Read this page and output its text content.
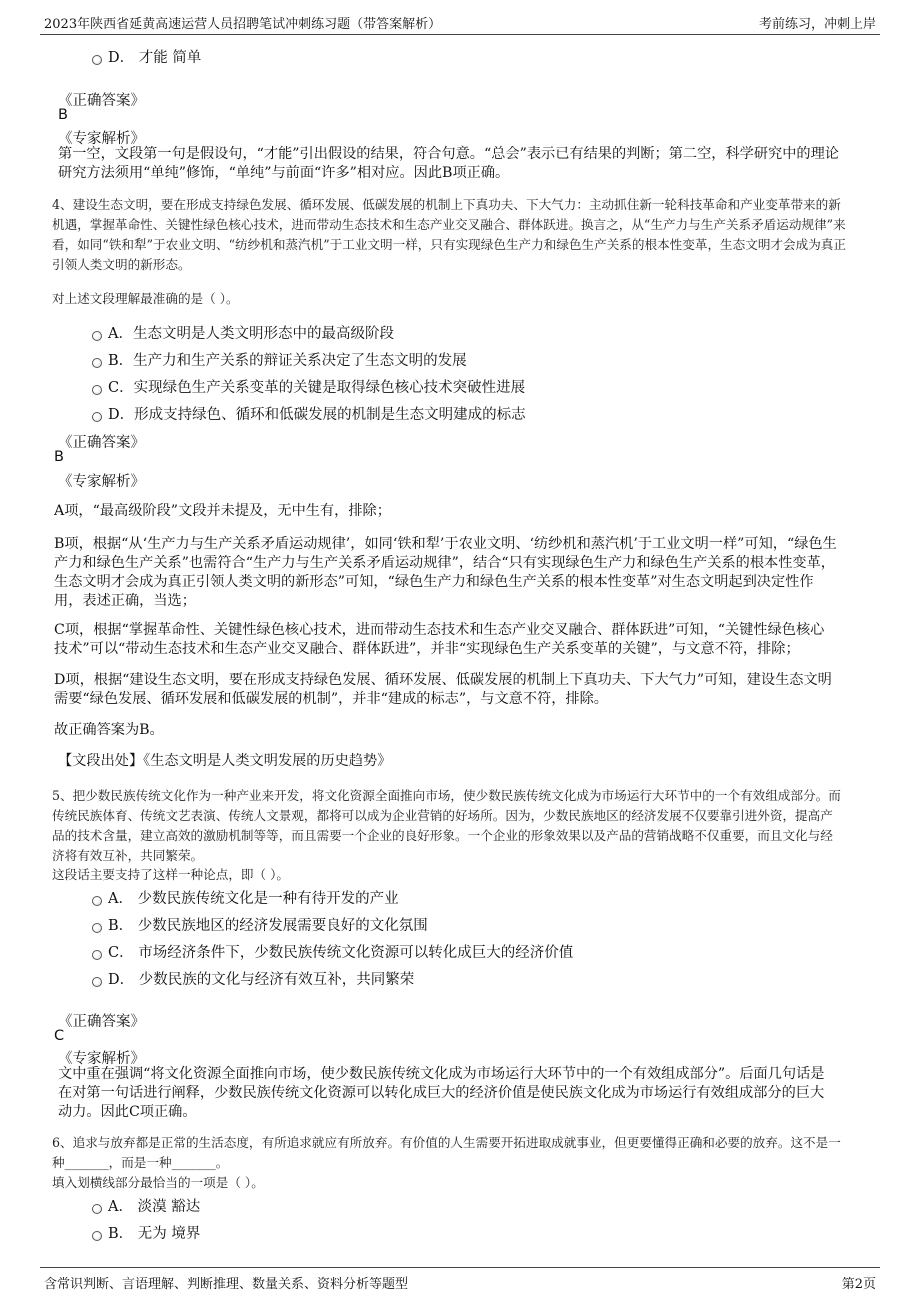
2023年陕西省延黄高速运营人员招聘笔试冲刺练习题（带答案解析）	考前练习，冲刺上岸
D． 才能 简单
《正确答案》
B
《专家解析》
第一空，文段第一句是假设句，“才能”引出假设的结果，符合句意。“总会”表示已有结果的判断；第二空，科学研究中的理论
研究方法须用“单纯”修饰，“单纯”与前面“许多”相对应。因此B项正确。
4、建设生态文明，要在形成支持绿色发展、循环发展、低碳发展的机制上下真功夫、下大气力：主动抓住新一轮科技革命和产业变革带来的新
机遇，掌握革命性、关键性绿色核心技术，进而带动生态技术和生态产业交叉融合、群体跃进。换言之，从“生产力与生产关系矛盾运动规律”来
看，如同“铁和犁”于农业文明、“纺纱机和蒸汽机”于工业文明一样，只有实现绿色生产力和绿色生产关系的根本性变革，生态文明才会成为真正
引领人类文明的新形态。
对上述文段理解最准确的是（ ）。
A．生态文明是人类文明形态中的最高级阶段
B．生产力和生产关系的辩证关系决定了生态文明的发展
C．实现绿色生产关系变革的关键是取得绿色核心技术突破性进展
D．形成支持绿色、循环和低碳发展的机制是生态文明建成的标志
《正确答案》
B
《专家解析》
A项，“最高级阶段”文段并未提及，无中生有，排除；
B项，根据“从‘生产力与生产关系矛盾运动规律’，如同‘铁和犁’于农业文明、‘纺纱机和蒸汽机’于工业文明一样”可知，“绿色生
产力和绿色生产关系”也需符合“生产力与生产关系矛盾运动规律”，结合“只有实现绿色生产力和绿色生产关系的根本性变革，
生态文明才会成为真正引领人类文明的新形态”可知，“绿色生产力和绿色生产关系的根本性变革”对生态文明起到决定性作
用，表述正确，当选；
C项，根据“掌握革命性、关键性绿色核心技术，进而带动生态技术和生态产业交叉融合、群体跃进”可知，“关键性绿色核心
技术”可以“带动生态技术和生态产业交叉融合、群体跃进”，并非“实现绿色生产关系变革的关键”，与文意不符，排除；
D项，根据“建设生态文明，要在形成支持绿色发展、循环发展、低碳发展的机制上下真功夫、下大气力”可知，建设生态文明
需要“绿色发展、循环发展和低碳发展的机制”，并非“建成的标志”，与文意不符，排除。
故正确答案为B。
【文段出处】《生态文明是人类文明发展的历史趋势》
5、把少数民族传统文化作为一种产业来开发，将文化资源全面推向市场，使少数民族传统文化成为市场运行大环节中的一个有效组成部分。而
传统民族体育、传统文艺表演、传统人文景观，都将可以成为企业营销的好场所。因为，少数民族地区的经济发展不仅要靠引进外资，提高产
品的技术含量，建立高效的激励机制等等，而且需要一个企业的良好形象。一个企业的形象效果以及产品的营销战略不仅重要，而且文化与经
济将有效互补，共同繁荣。
这段话主要支持了这样一种论点，即（ ）。
A． 少数民族传统文化是一种有待开发的产业
B． 少数民族地区的经济发展需要良好的文化氛围
C． 市场经济条件下，少数民族传统文化资源可以转化成巨大的经济价值
D． 少数民族的文化与经济有效互补，共同繁荣
《正确答案》
C
《专家解析》
文中重在强调“将文化资源全面推向市场，使少数民族传统文化成为市场运行大环节中的一个有效组成部分”。后面几句话是
在对第一句话进行阐释，少数民族传统文化资源可以转化成巨大的经济价值是使民族文化成为市场运行有效组成部分的巨大
动力。因此C项正确。
6、追求与放弃都是正常的生活态度，有所追求就应有所放弃。有价值的人生需要开拓进取成就事业，但更要懂得正确和必要的放弃。这不是一
种_______，而是一种_______。
填入划横线部分最恰当的一项是（ ）。
A． 淡漠 豁达
B． 无为 境界
含常识判断、言语理解、判断推理、数量关系、资料分析等题型	第2页
